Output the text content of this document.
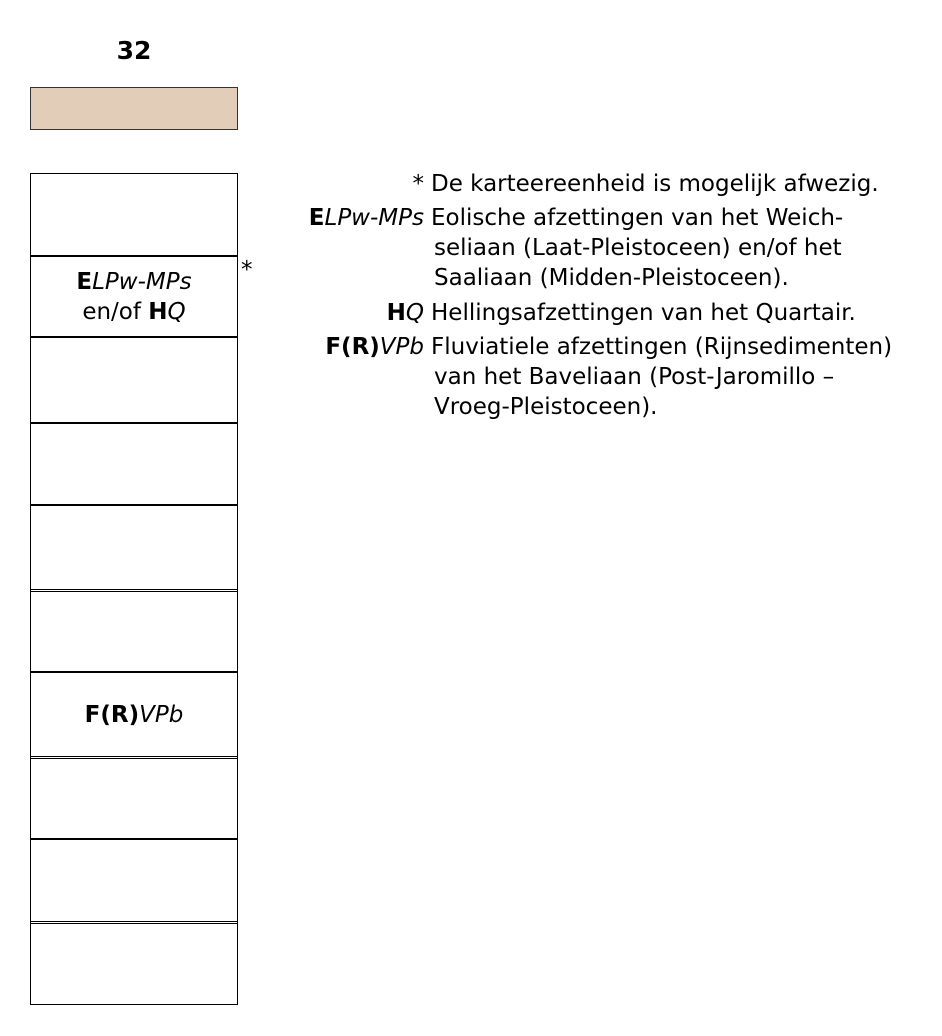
32
ELPw-MPs
en/of HQ
F(R)VPb
*
* De karteereenheid is mogelijk afwezig.
ELPw-MPs Eolische afzettingen van het Weich-
seliaan (Laat-Pleistoceen) en/of het
Saaliaan (Midden-Pleistoceen).
HQ Hellingsafzettingen van het Quartair.
F(R)VPb Fluviatiele afzettingen (Rijnsedimenten)
van het Baveliaan (Post-Jaromillo –
Vroeg-Pleistoceen).
